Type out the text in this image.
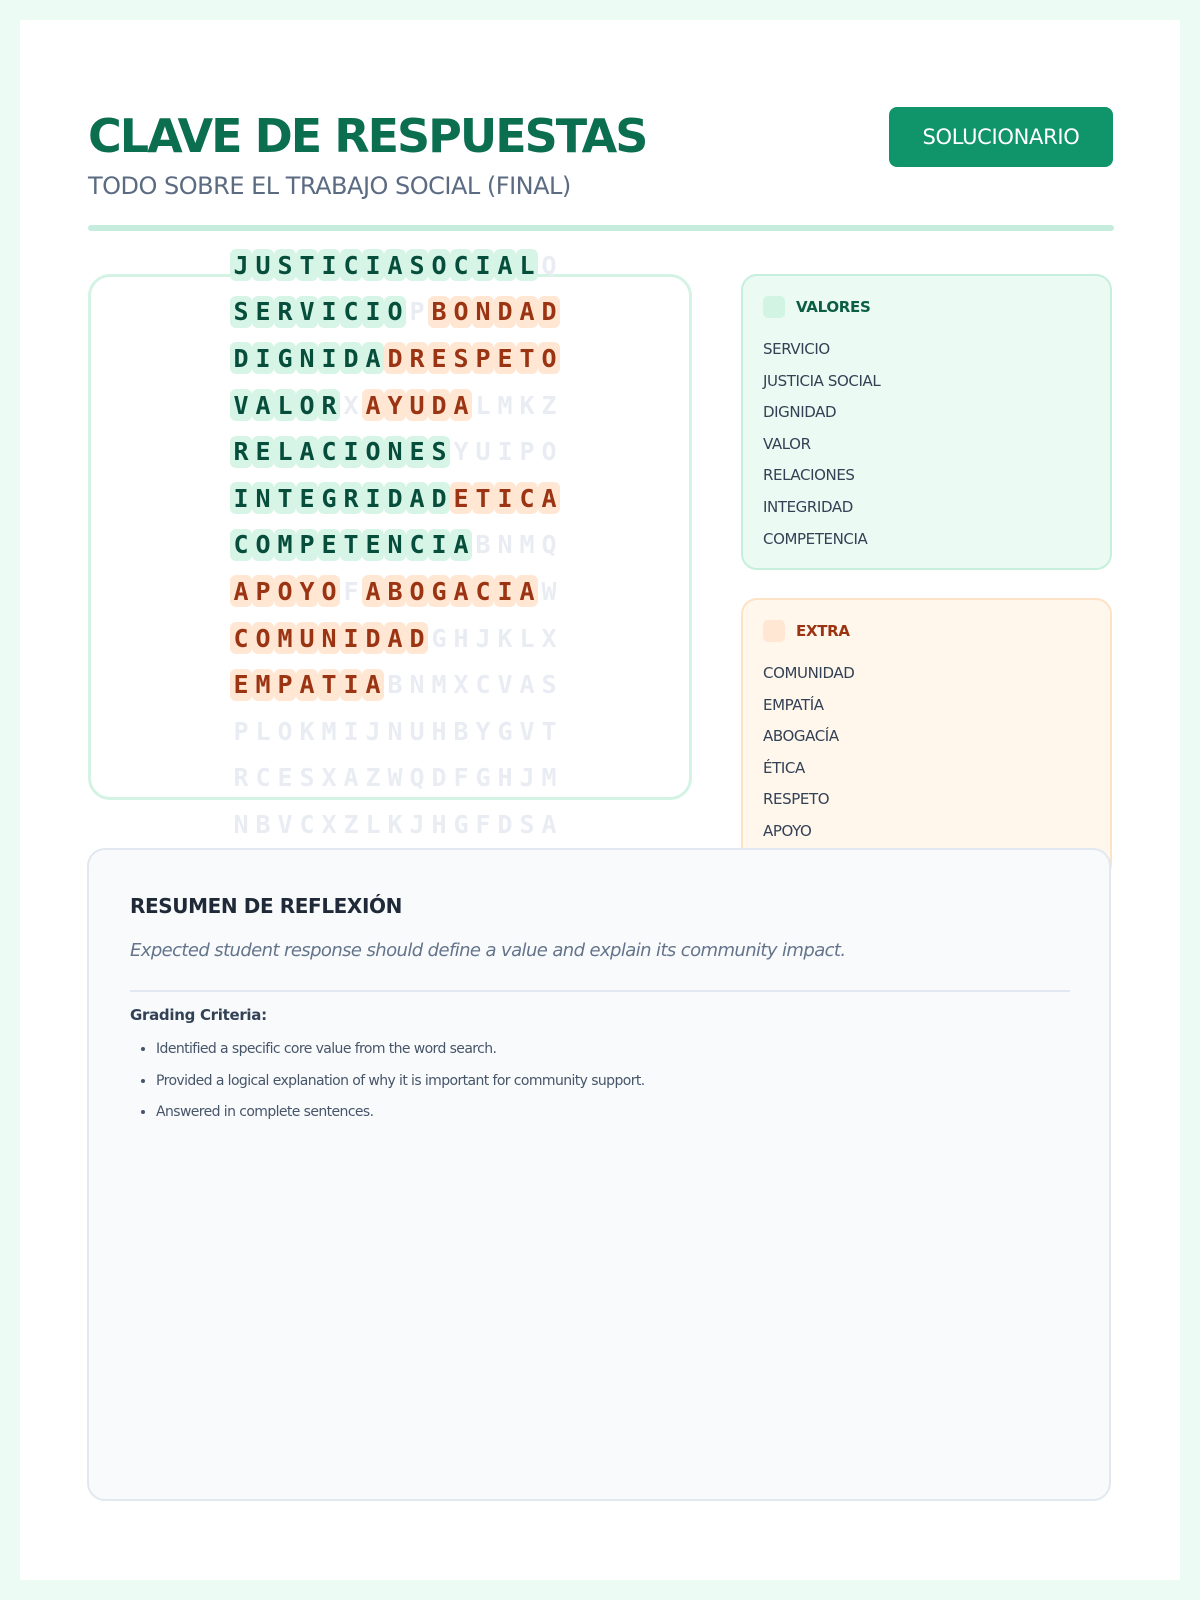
CLAVE DE RESPUESTAS
TODO SOBRE EL TRABAJO SOCIAL (FINAL)
SOLUCIONARIO
J U S T I C I A S O C I A L Q
S E R V I C I O P B O N D A D
D I G N I D A D R E S P E T O
V A L O R X A Y U D A L M K Z
R E L A C I O N E S Y U I P O
I N T E G R I D A D E T I C A
C O M P E T E N C I A B N M Q
A P O Y O F A B O G A C I A W
C O M U N I D A D G H J K L X
E M P A T I A B N M X C V A S
P L O K M I J N U H B Y G V T
R C E S X A Z W Q D F G H J M
N B V C X Z L K J H G F D S A
VALORES
SERVICIO
JUSTICIA SOCIAL
DIGNIDAD
VALOR
RELACIONES
INTEGRIDAD
COMPETENCIA
EXTRA
COMUNIDAD
EMPATÍA
ABOGACÍA
ÉTICA
RESPETO
APOYO
RESUMEN DE REFLEXIÓN
Expected student response should define a value and explain its community impact.
Grading Criteria:
• Identified a specific core value from the word search.
• Provided a logical explanation of why it is important for community support.
• Answered in complete sentences.
